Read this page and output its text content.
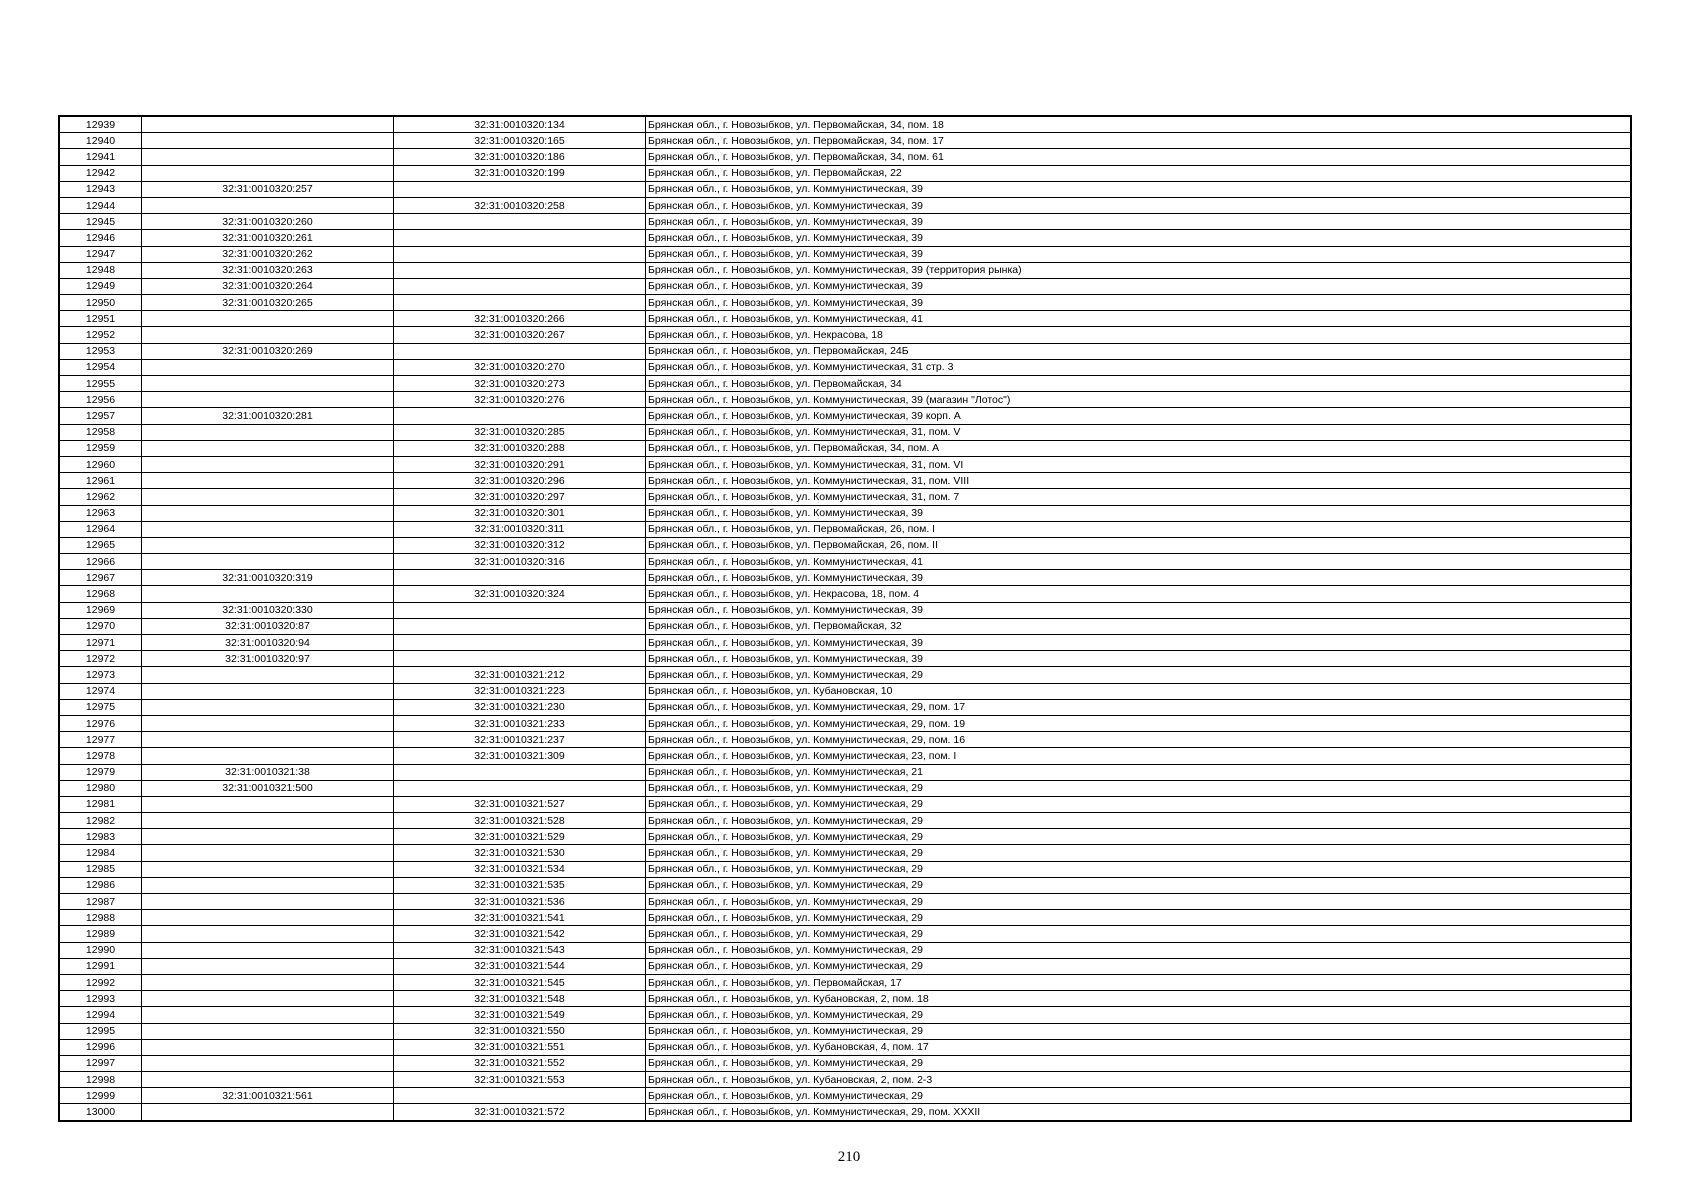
12939		32:31:0010320:134	Брянская обл., г. Новозыбков, ул. Первомайская, 34, пом. 18
12940		32:31:0010320:165	Брянская обл., г. Новозыбков, ул. Первомайская, 34, пом. 17
12941		32:31:0010320:186	Брянская обл., г. Новозыбков, ул. Первомайская, 34, пом. 61
12942		32:31:0010320:199	Брянская обл., г. Новозыбков, ул. Первомайская, 22
12943	32:31:0010320:257		Брянская обл., г. Новозыбков, ул. Коммунистическая, 39
12944		32:31:0010320:258	Брянская обл., г. Новозыбков, ул. Коммунистическая, 39
12945	32:31:0010320:260		Брянская обл., г. Новозыбков, ул. Коммунистическая, 39
12946	32:31:0010320:261		Брянская обл., г. Новозыбков, ул. Коммунистическая, 39
12947	32:31:0010320:262		Брянская обл., г. Новозыбков, ул. Коммунистическая, 39
12948	32:31:0010320:263		Брянская обл., г. Новозыбков, ул. Коммунистическая, 39 (территория рынка)
12949	32:31:0010320:264		Брянская обл., г. Новозыбков, ул. Коммунистическая, 39
12950	32:31:0010320:265		Брянская обл., г. Новозыбков, ул. Коммунистическая, 39
12951		32:31:0010320:266	Брянская обл., г. Новозыбков, ул. Коммунистическая, 41
12952		32:31:0010320:267	Брянская обл., г. Новозыбков, ул. Некрасова, 18
12953	32:31:0010320:269		Брянская обл., г. Новозыбков, ул. Первомайская, 24Б
12954		32:31:0010320:270	Брянская обл., г. Новозыбков, ул. Коммунистическая, 31 стр. 3
12955		32:31:0010320:273	Брянская обл., г. Новозыбков, ул. Первомайская, 34
12956		32:31:0010320:276	Брянская обл., г. Новозыбков, ул. Коммунистическая, 39 (магазин "Лотос")
12957	32:31:0010320:281		Брянская обл., г. Новозыбков, ул. Коммунистическая, 39 корп. А
12958		32:31:0010320:285	Брянская обл., г. Новозыбков, ул. Коммунистическая, 31, пом. V
12959		32:31:0010320:288	Брянская обл., г. Новозыбков, ул. Первомайская, 34, пом. А
12960		32:31:0010320:291	Брянская обл., г. Новозыбков, ул. Коммунистическая, 31, пом. VI
12961		32:31:0010320:296	Брянская обл., г. Новозыбков, ул. Коммунистическая, 31, пом. VIII
12962		32:31:0010320:297	Брянская обл., г. Новозыбков, ул. Коммунистическая, 31, пом. 7
12963		32:31:0010320:301	Брянская обл., г. Новозыбков, ул. Коммунистическая, 39
12964		32:31:0010320:311	Брянская обл., г. Новозыбков, ул. Первомайская, 26, пом. I
12965		32:31:0010320:312	Брянская обл., г. Новозыбков, ул. Первомайская, 26, пом. II
12966		32:31:0010320:316	Брянская обл., г. Новозыбков, ул. Коммунистическая, 41
12967	32:31:0010320:319		Брянская обл., г. Новозыбков, ул. Коммунистическая, 39
12968		32:31:0010320:324	Брянская обл., г. Новозыбков, ул. Некрасова, 18, пом. 4
12969	32:31:0010320:330		Брянская обл., г. Новозыбков, ул. Коммунистическая, 39
12970	32:31:0010320:87		Брянская обл., г. Новозыбков, ул. Первомайская, 32
12971	32:31:0010320:94		Брянская обл., г. Новозыбков, ул. Коммунистическая, 39
12972	32:31:0010320:97		Брянская обл., г. Новозыбков, ул. Коммунистическая, 39
12973		32:31:0010321:212	Брянская обл., г. Новозыбков, ул. Коммунистическая, 29
12974		32:31:0010321:223	Брянская обл., г. Новозыбков, ул. Кубановская, 10
12975		32:31:0010321:230	Брянская обл., г. Новозыбков, ул. Коммунистическая, 29, пом. 17
12976		32:31:0010321:233	Брянская обл., г. Новозыбков, ул. Коммунистическая, 29, пом. 19
12977		32:31:0010321:237	Брянская обл., г. Новозыбков, ул. Коммунистическая, 29, пом. 16
12978		32:31:0010321:309	Брянская обл., г. Новозыбков, ул. Коммунистическая, 23, пом. I
12979	32:31:0010321:38		Брянская обл., г. Новозыбков, ул. Коммунистическая, 21
12980	32:31:0010321:500		Брянская обл., г. Новозыбков, ул. Коммунистическая, 29
12981		32:31:0010321:527	Брянская обл., г. Новозыбков, ул. Коммунистическая, 29
12982		32:31:0010321:528	Брянская обл., г. Новозыбков, ул. Коммунистическая, 29
12983		32:31:0010321:529	Брянская обл., г. Новозыбков, ул. Коммунистическая, 29
12984		32:31:0010321:530	Брянская обл., г. Новозыбков, ул. Коммунистическая, 29
12985		32:31:0010321:534	Брянская обл., г. Новозыбков, ул. Коммунистическая, 29
12986		32:31:0010321:535	Брянская обл., г. Новозыбков, ул. Коммунистическая, 29
12987		32:31:0010321:536	Брянская обл., г. Новозыбков, ул. Коммунистическая, 29
12988		32:31:0010321:541	Брянская обл., г. Новозыбков, ул. Коммунистическая, 29
12989		32:31:0010321:542	Брянская обл., г. Новозыбков, ул. Коммунистическая, 29
12990		32:31:0010321:543	Брянская обл., г. Новозыбков, ул. Коммунистическая, 29
12991		32:31:0010321:544	Брянская обл., г. Новозыбков, ул. Коммунистическая, 29
12992		32:31:0010321:545	Брянская обл., г. Новозыбков, ул. Первомайская, 17
12993		32:31:0010321:548	Брянская обл., г. Новозыбков, ул. Кубановская, 2, пом. 18
12994		32:31:0010321:549	Брянская обл., г. Новозыбков, ул. Коммунистическая, 29
12995		32:31:0010321:550	Брянская обл., г. Новозыбков, ул. Коммунистическая, 29
12996		32:31:0010321:551	Брянская обл., г. Новозыбков, ул. Кубановская, 4, пом. 17
12997		32:31:0010321:552	Брянская обл., г. Новозыбков, ул. Коммунистическая, 29
12998		32:31:0010321:553	Брянская обл., г. Новозыбков, ул. Кубановская, 2, пом. 2-3
12999	32:31:0010321:561		Брянская обл., г. Новозыбков, ул. Коммунистическая, 29
13000		32:31:0010321:572	Брянская обл., г. Новозыбков, ул. Коммунистическая, 29, пом. XXXII
210
